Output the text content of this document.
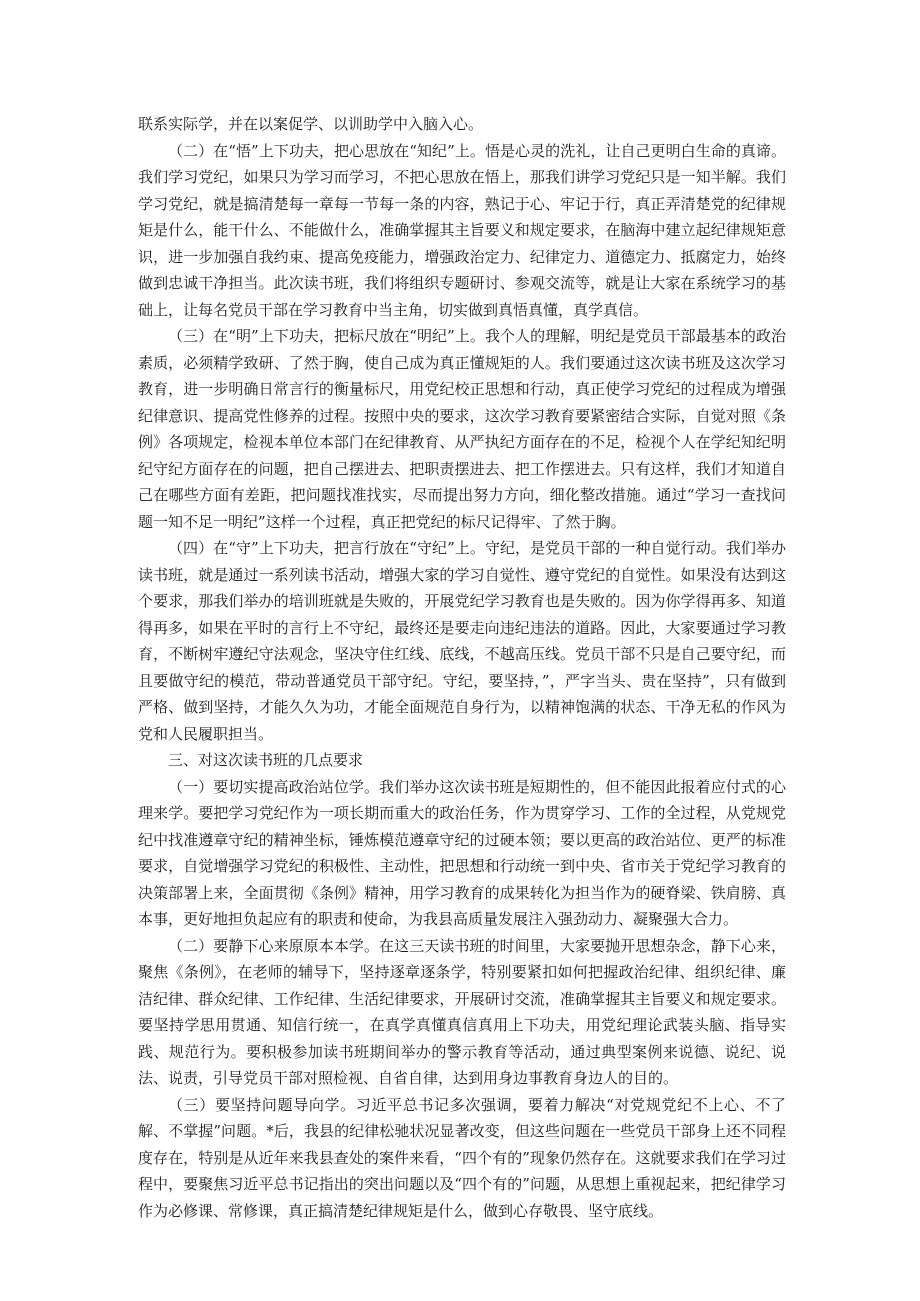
联系实际学，并在以案促学、以训助学中入脑入心。

（二）在“悟”上下功夫，把心思放在“知纪”上。悟是心灵的洗礼，让自己更明白生命的真谛。我们学习党纪，如果只为学习而学习，不把心思放在悟上，那我们讲学习党纪只是一知半解。我们学习党纪，就是搞清楚每一章每一节每一条的内容，熟记于心、牢记于行，真正弄清楚党的纪律规矩是什么，能干什么、不能做什么，准确掌握其主旨要义和规定要求，在脑海中建立起纪律规矩意识，进一步加强自我约束、提高免疫能力，增强政治定力、纪律定力、道德定力、抵腐定力，始终做到忠诚干净担当。此次读书班，我们将组织专题研讨、参观交流等，就是让大家在系统学习的基础上，让每名党员干部在学习教育中当主角，切实做到真悟真懂，真学真信。

（三）在“明”上下功夫，把标尺放在“明纪”上。我个人的理解，明纪是党员干部最基本的政治素质，必须精学致研、了然于胸，使自己成为真正懂规矩的人。我们要通过这次读书班及这次学习教育，进一步明确日常言行的衡量标尺，用党纪校正思想和行动，真正使学习党纪的过程成为增强纪律意识、提高党性修养的过程。按照中央的要求，这次学习教育要紧密结合实际，自觉对照《条例》各项规定，检视本单位本部门在纪律教育、从严执纪方面存在的不足，检视个人在学纪知纪明纪守纪方面存在的问题，把自己摆进去、把职责摆进去、把工作摆进去。只有这样，我们才知道自己在哪些方面有差距，把问题找准找实，尽而提出努力方向，细化整改措施。通过“学习一查找问题一知不足一明纪”这样一个过程，真正把党纪的标尺记得牢、了然于胸。

（四）在“守”上下功夫，把言行放在“守纪”上。守纪，是党员干部的一种自觉行动。我们举办读书班，就是通过一系列读书活动，增强大家的学习自觉性、遵守党纪的自觉性。如果没有达到这个要求，那我们举办的培训班就是失败的，开展党纪学习教育也是失败的。因为你学得再多、知道得再多，如果在平时的言行上不守纪，最终还是要走向违纪违法的道路。因此，大家要通过学习教育，不断树牢遵纪守法观念，坚决守住红线、底线，不越高压线。党员干部不只是自己要守纪，而且要做守纪的模范，带动普通党员干部守纪。守纪，要坚持，”，严字当头、贵在坚持”，只有做到严格、做到坚持，才能久久为功，才能全面规范自身行为，以精神饱满的状态、干净无私的作风为党和人民履职担当。

三、对这次读书班的几点要求

（一）要切实提高政治站位学。我们举办这次读书班是短期性的，但不能因此报着应付式的心理来学。要把学习党纪作为一项长期而重大的政治任务，作为贯穿学习、工作的全过程，从党规党纪中找准遵章守纪的精神坐标，锤炼模范遵章守纪的过硬本领；要以更高的政治站位、更严的标准要求，自觉增强学习党纪的积极性、主动性，把思想和行动统一到中央、省市关于党纪学习教育的决策部署上来，全面贯彻《条例》精神，用学习教育的成果转化为担当作为的硬脊梁、铁肩膀、真本事，更好地担负起应有的职责和使命，为我县高质量发展注入强劲动力、凝聚强大合力。

（二）要静下心来原原本本学。在这三天读书班的时间里，大家要抛开思想杂念，静下心来，聚焦《条例》，在老师的辅导下，坚持逐章逐条学，特别要紧扣如何把握政治纪律、组织纪律、廉洁纪律、群众纪律、工作纪律、生活纪律要求，开展研讨交流，准确掌握其主旨要义和规定要求。要坚持学思用贯通、知信行统一，在真学真懂真信真用上下功夫，用党纪理论武装头脑、指导实践、规范行为。要积极参加读书班期间举办的警示教育等活动，通过典型案例来说德、说纪、说法、说责，引导党员干部对照检视、自省自律，达到用身边事教育身边人的目的。

（三）要坚持问题导向学。习近平总书记多次强调，要着力解决“对党规党纪不上心、不了解、不掌握”问题。*后，我县的纪律松驰状况显著改变，但这些问题在一些党员干部身上还不同程度存在，特别是从近年来我县查处的案件来看，“四个有的”现象仍然存在。这就要求我们在学习过程中，要聚焦习近平总书记指出的突出问题以及“四个有的”问题，从思想上重视起来，把纪律学习作为必修课、常修课，真正搞清楚纪律规矩是什么，做到心存敬畏、坚守底线。
